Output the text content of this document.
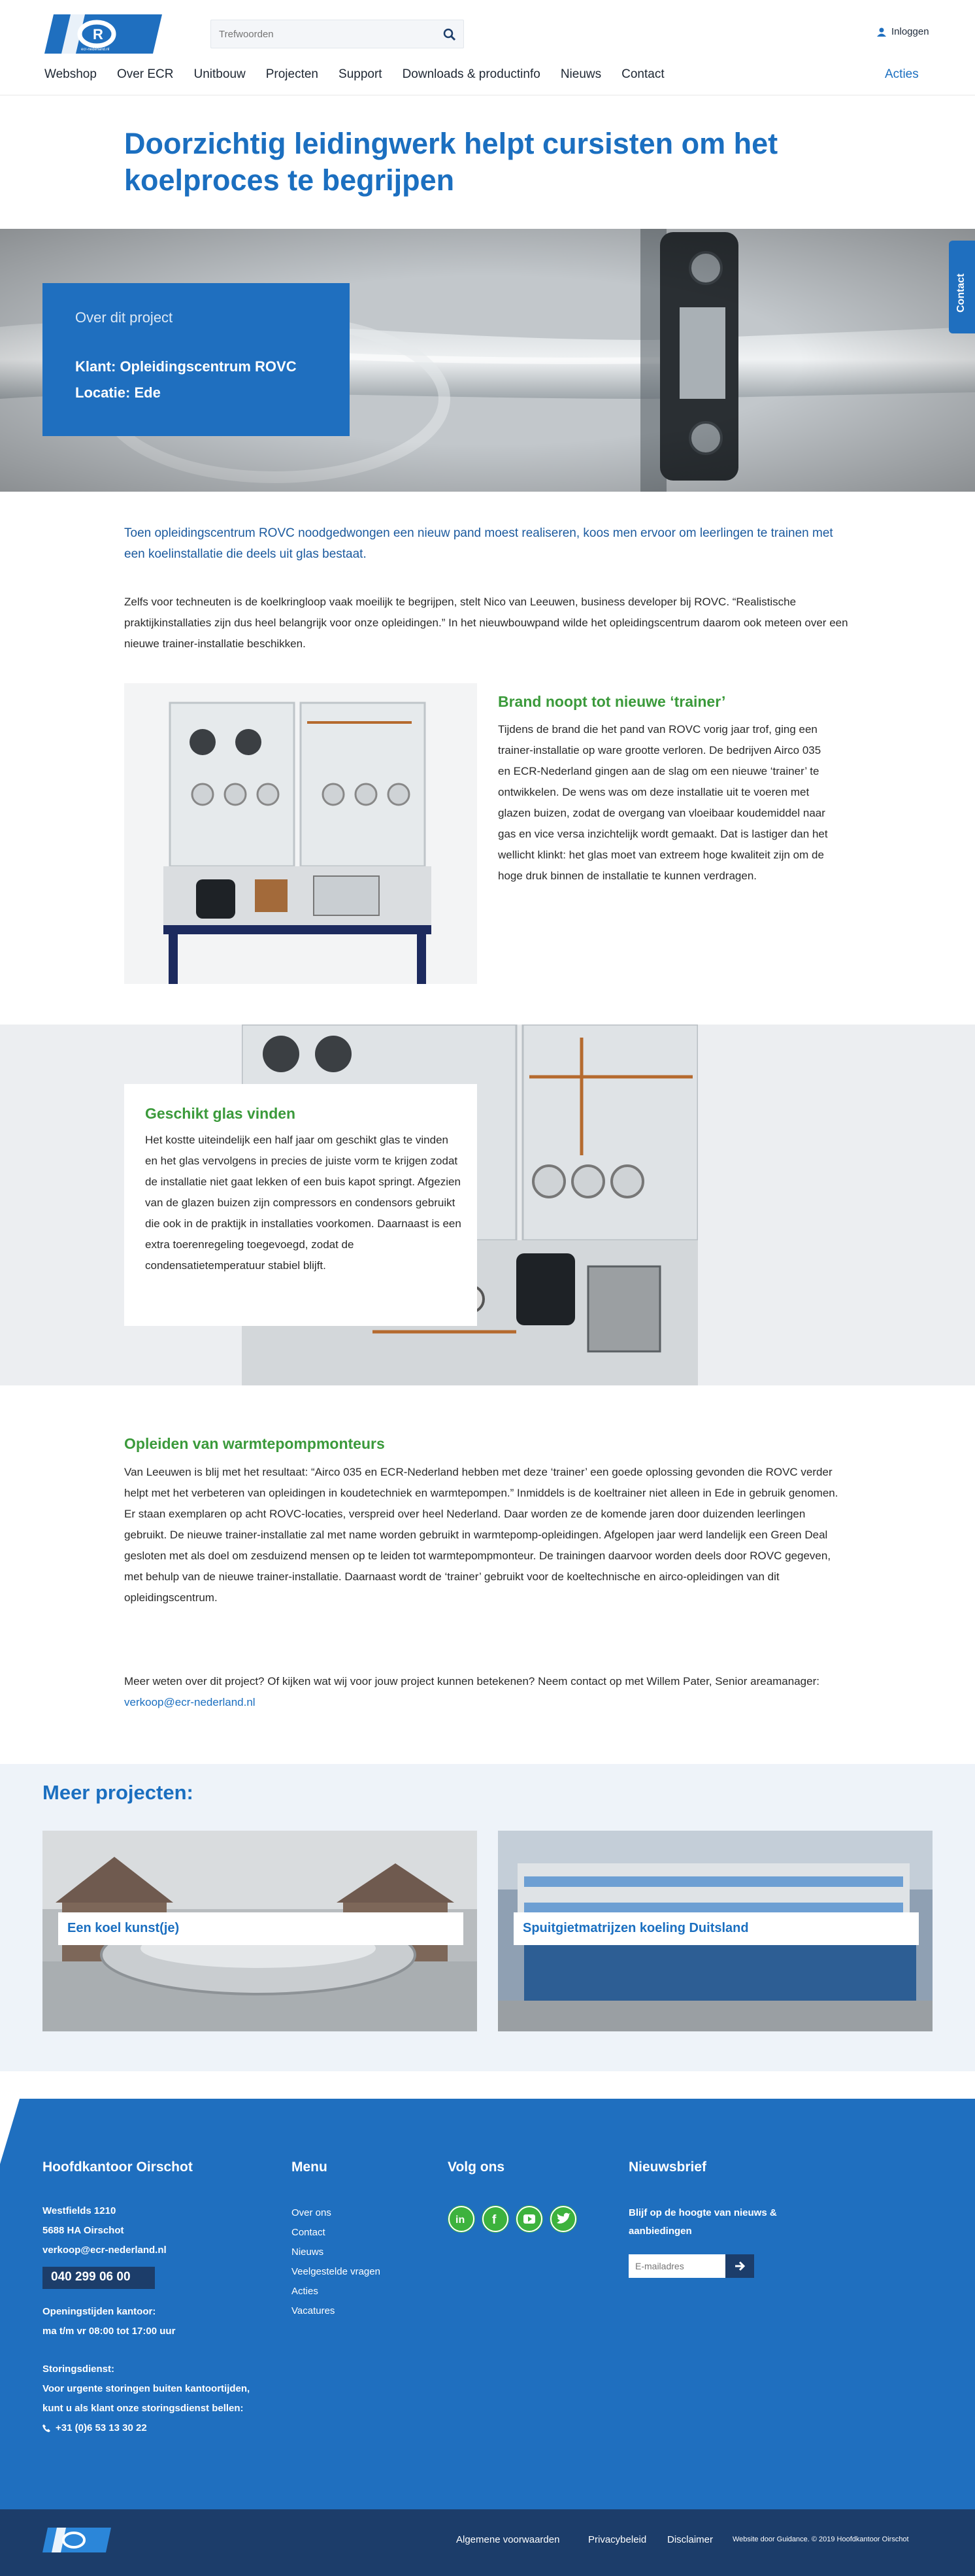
R
ecr-nederland.nl
Trefwoorden
Inloggen
Webshop Over ECR Unitbouw Projecten Support Downloads & productinfo Nieuws Contact	Acties
Doorzichtig leidingwerk helpt cursisten om het koelproces te begrijpen
Over dit project
Klant: Opleidingscentrum ROVC
Locatie: Ede
Contact
Toen opleidingscentrum ROVC noodgedwongen een nieuw pand moest realiseren, koos men ervoor om leerlingen te trainen met een koelinstallatie die deels uit glas bestaat.
Zelfs voor techneuten is de koelkringloop vaak moeilijk te begrijpen, stelt Nico van Leeuwen, business developer bij ROVC. “Realistische praktijkinstallaties zijn dus heel belangrijk voor onze opleidingen.” In het nieuwbouwpand wilde het opleidingscentrum daarom ook meteen over een nieuwe trainer-installatie beschikken.
Brand noopt tot nieuwe ‘trainer’
Tijdens de brand die het pand van ROVC vorig jaar trof, ging een trainer-installatie op ware grootte verloren. De bedrijven Airco 035 en ECR-Nederland gingen aan de slag om een nieuwe ‘trainer’ te ontwikkelen. De wens was om deze installatie uit te voeren met glazen buizen, zodat de overgang van vloeibaar koudemiddel naar gas en vice versa inzichtelijk wordt gemaakt. Dat is lastiger dan het wellicht klinkt: het glas moet van extreem hoge kwaliteit zijn om de hoge druk binnen de installatie te kunnen verdragen.
Geschikt glas vinden
Het kostte uiteindelijk een half jaar om geschikt glas te vinden en het glas vervolgens in precies de juiste vorm te krijgen zodat de installatie niet gaat lekken of een buis kapot springt. Afgezien van de glazen buizen zijn compressors en condensors gebruikt die ook in de praktijk in installaties voorkomen. Daarnaast is een extra toerenregeling toegevoegd, zodat de condensatietemperatuur stabiel blijft.
Opleiden van warmtepompmonteurs
Van Leeuwen is blij met het resultaat: “Airco 035 en ECR-Nederland hebben met deze ‘trainer’ een goede oplossing gevonden die ROVC verder helpt met het verbeteren van opleidingen in koudetechniek en warmtepompen.” Inmiddels is de koeltrainer niet alleen in Ede in gebruik genomen. Er staan exemplaren op acht ROVC-locaties, verspreid over heel Nederland. Daar worden ze de komende jaren door duizenden leerlingen gebruikt. De nieuwe trainer-installatie zal met name worden gebruikt in warmtepomp-opleidingen. Afgelopen jaar werd landelijk een Green Deal gesloten met als doel om zesduizend mensen op te leiden tot warmtepompmonteur. De trainingen daarvoor worden deels door ROVC gegeven, met behulp van de nieuwe trainer-installatie. Daarnaast wordt de ‘trainer’ gebruikt voor de koeltechnische en airco-opleidingen van dit opleidingscentrum.
Meer weten over dit project? Of kijken wat wij voor jouw project kunnen betekenen? Neem contact op met Willem Pater, Senior areamanager: verkoop@ecr-nederland.nl
Meer projecten:
Een koel kunst(je)	Spuitgietmatrijzen koeling Duitsland
Hoofdkantoor Oirschot
Westfields 1210
5688 HA Oirschot
verkoop@ecr-nederland.nl
040 299 06 00
Openingstijden kantoor:
ma t/m vr 08:00 tot 17:00 uur
Storingsdienst:
Voor urgente storingen buiten kantoortijden,
kunt u als klant onze storingsdienst bellen:
+31 (0)6 53 13 30 22
Menu
Over ons
Contact
Nieuws
Veelgestelde vragen
Acties
Vacatures
Volg ons
in f
Nieuwsbrief
Blijf op de hoogte van nieuws &
aanbiedingen
E-mailadres
Algemene voorwaarden	Privacybeleid Disclaimer	Website door Guidance. © 2019 Hoofdkantoor Oirschot
